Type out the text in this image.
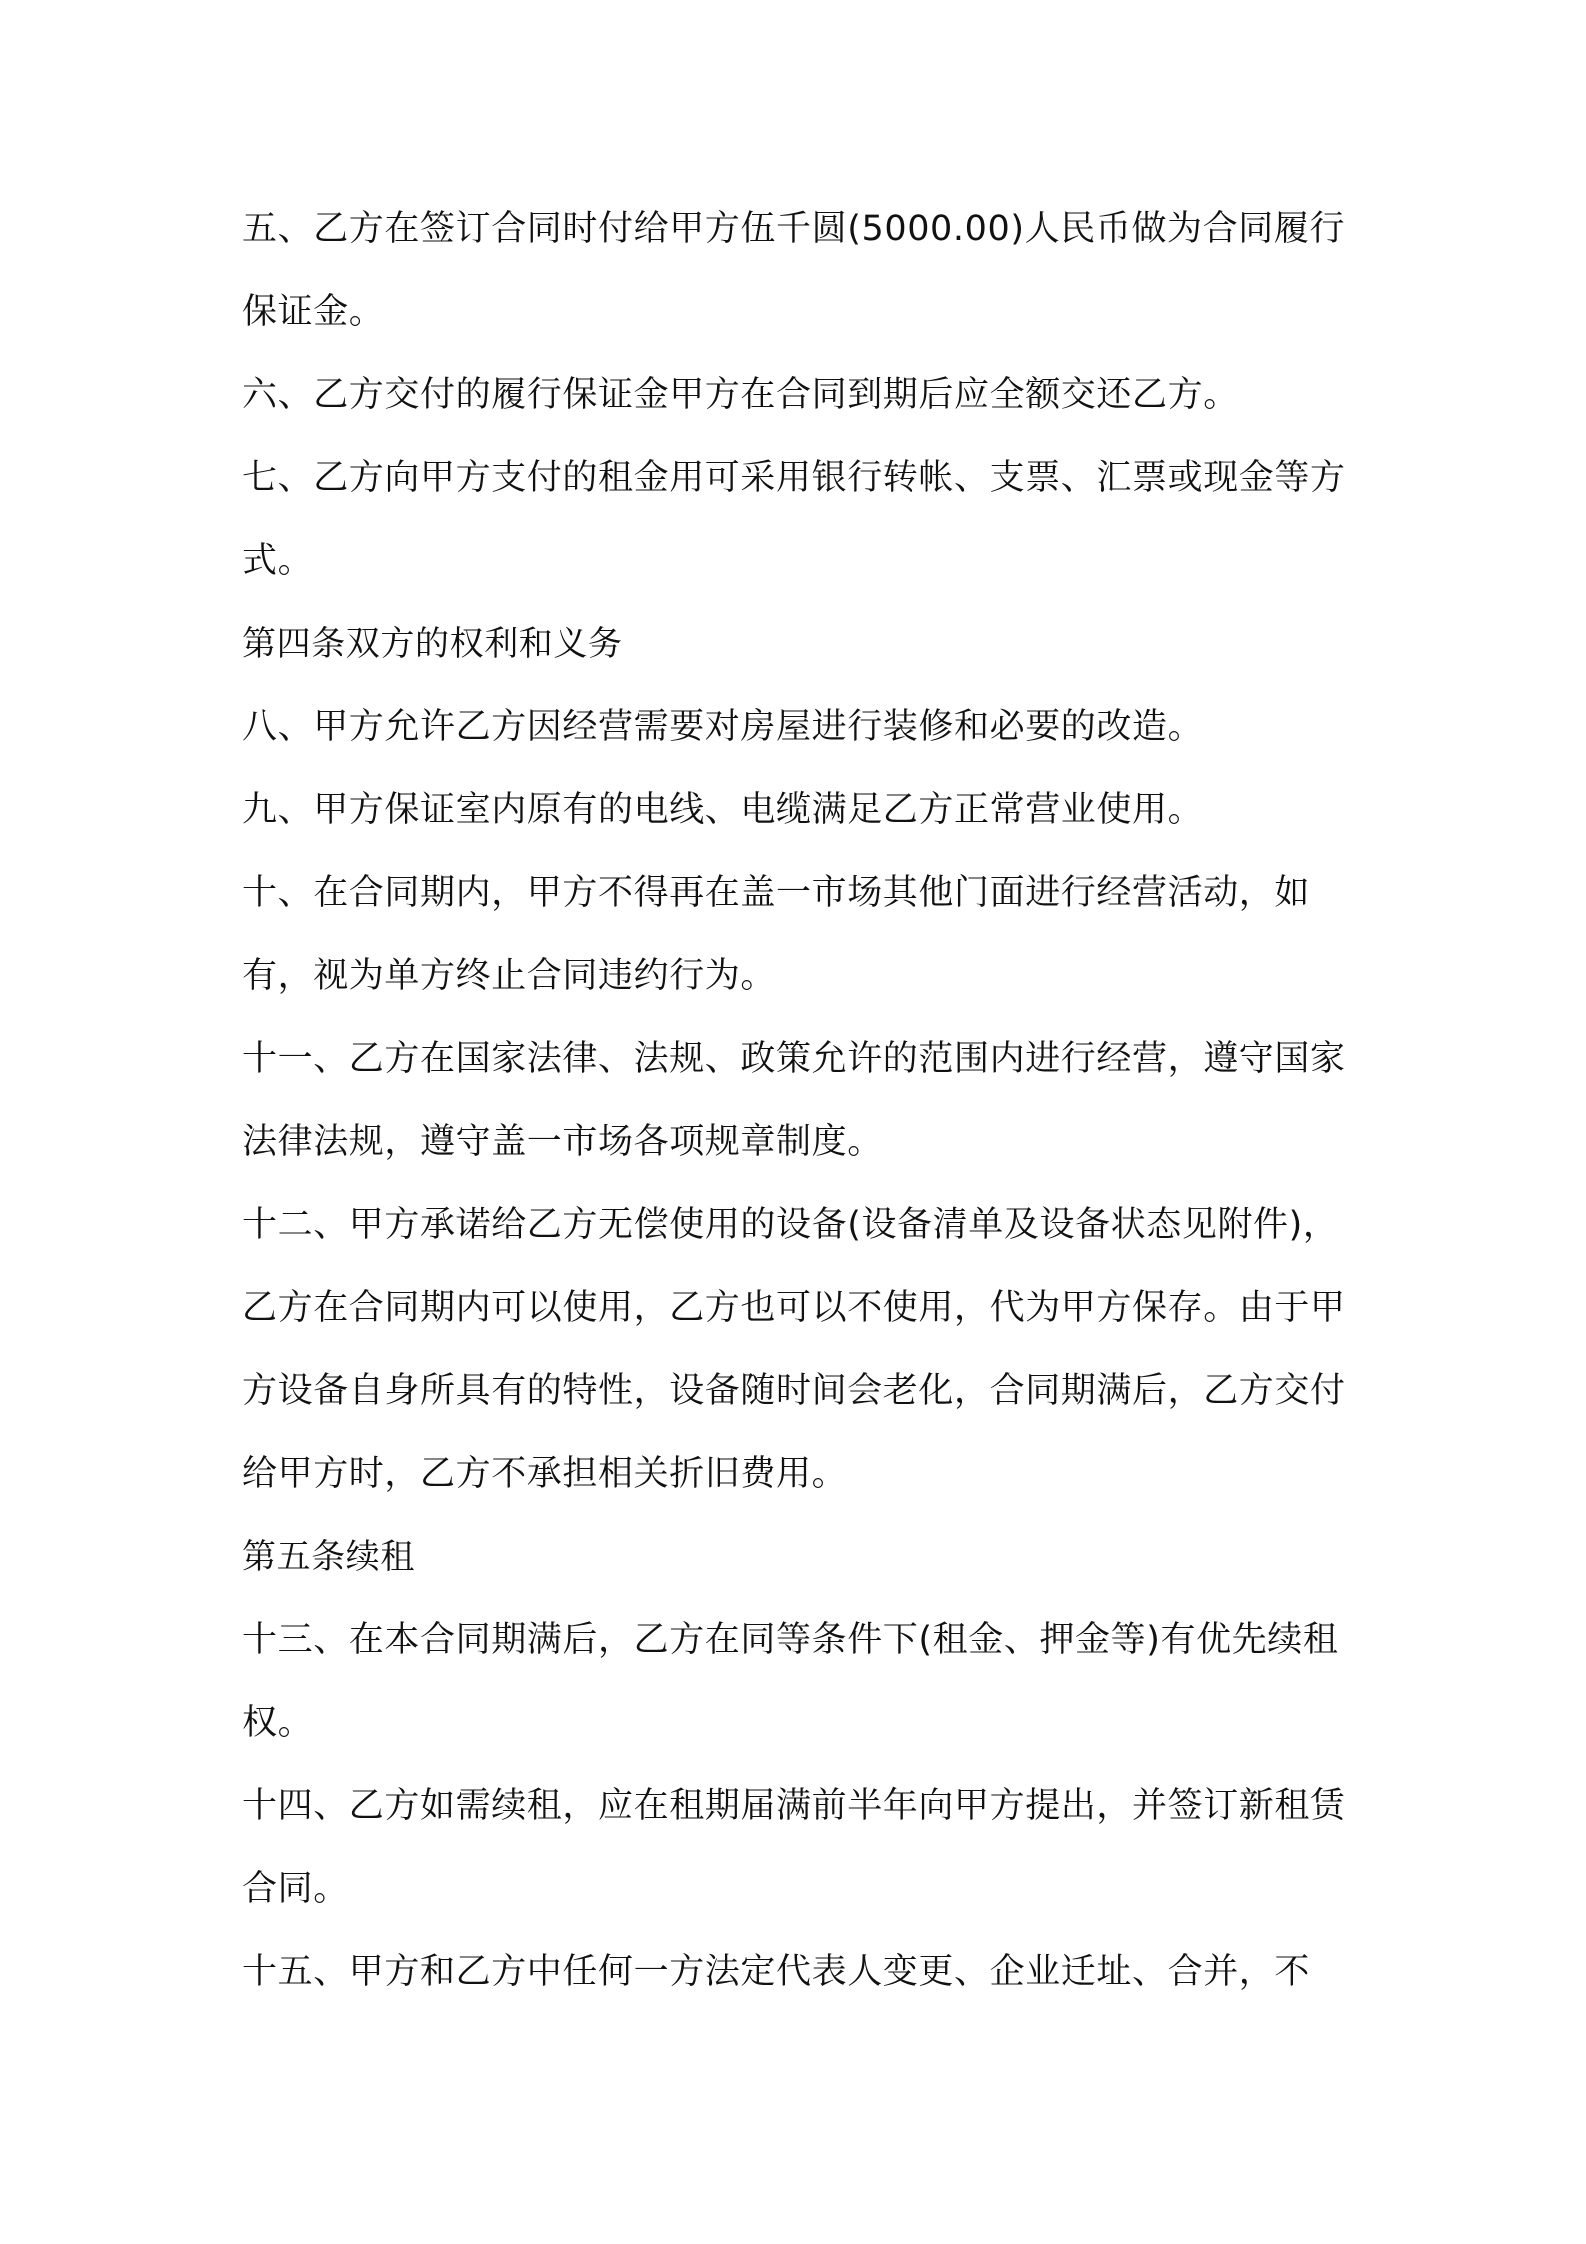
五、乙方在签订合同时付给甲方伍千圆(5000.00)人民币做为合同履行保证金。

六、乙方交付的履行保证金甲方在合同到期后应全额交还乙方。

七、乙方向甲方支付的租金用可采用银行转帐、支票、汇票或现金等方式。

第四条双方的权利和义务

八、甲方允许乙方因经营需要对房屋进行装修和必要的改造。

九、甲方保证室内原有的电线、电缆满足乙方正常营业使用。

十、在合同期内，甲方不得再在盖一市场其他门面进行经营活动，如有，视为单方终止合同违约行为。

十一、乙方在国家法律、法规、政策允许的范围内进行经营，遵守国家法律法规，遵守盖一市场各项规章制度。

十二、甲方承诺给乙方无偿使用的设备(设备清单及设备状态见附件)，乙方在合同期内可以使用，乙方也可以不使用，代为甲方保存。由于甲方设备自身所具有的特性，设备随时间会老化，合同期满后，乙方交付给甲方时，乙方不承担相关折旧费用。

第五条续租

十三、在本合同期满后，乙方在同等条件下(租金、押金等)有优先续租权。

十四、乙方如需续租，应在租期届满前半年向甲方提出，并签订新租赁合同。

十五、甲方和乙方中任何一方法定代表人变更、企业迁址、合并，不
